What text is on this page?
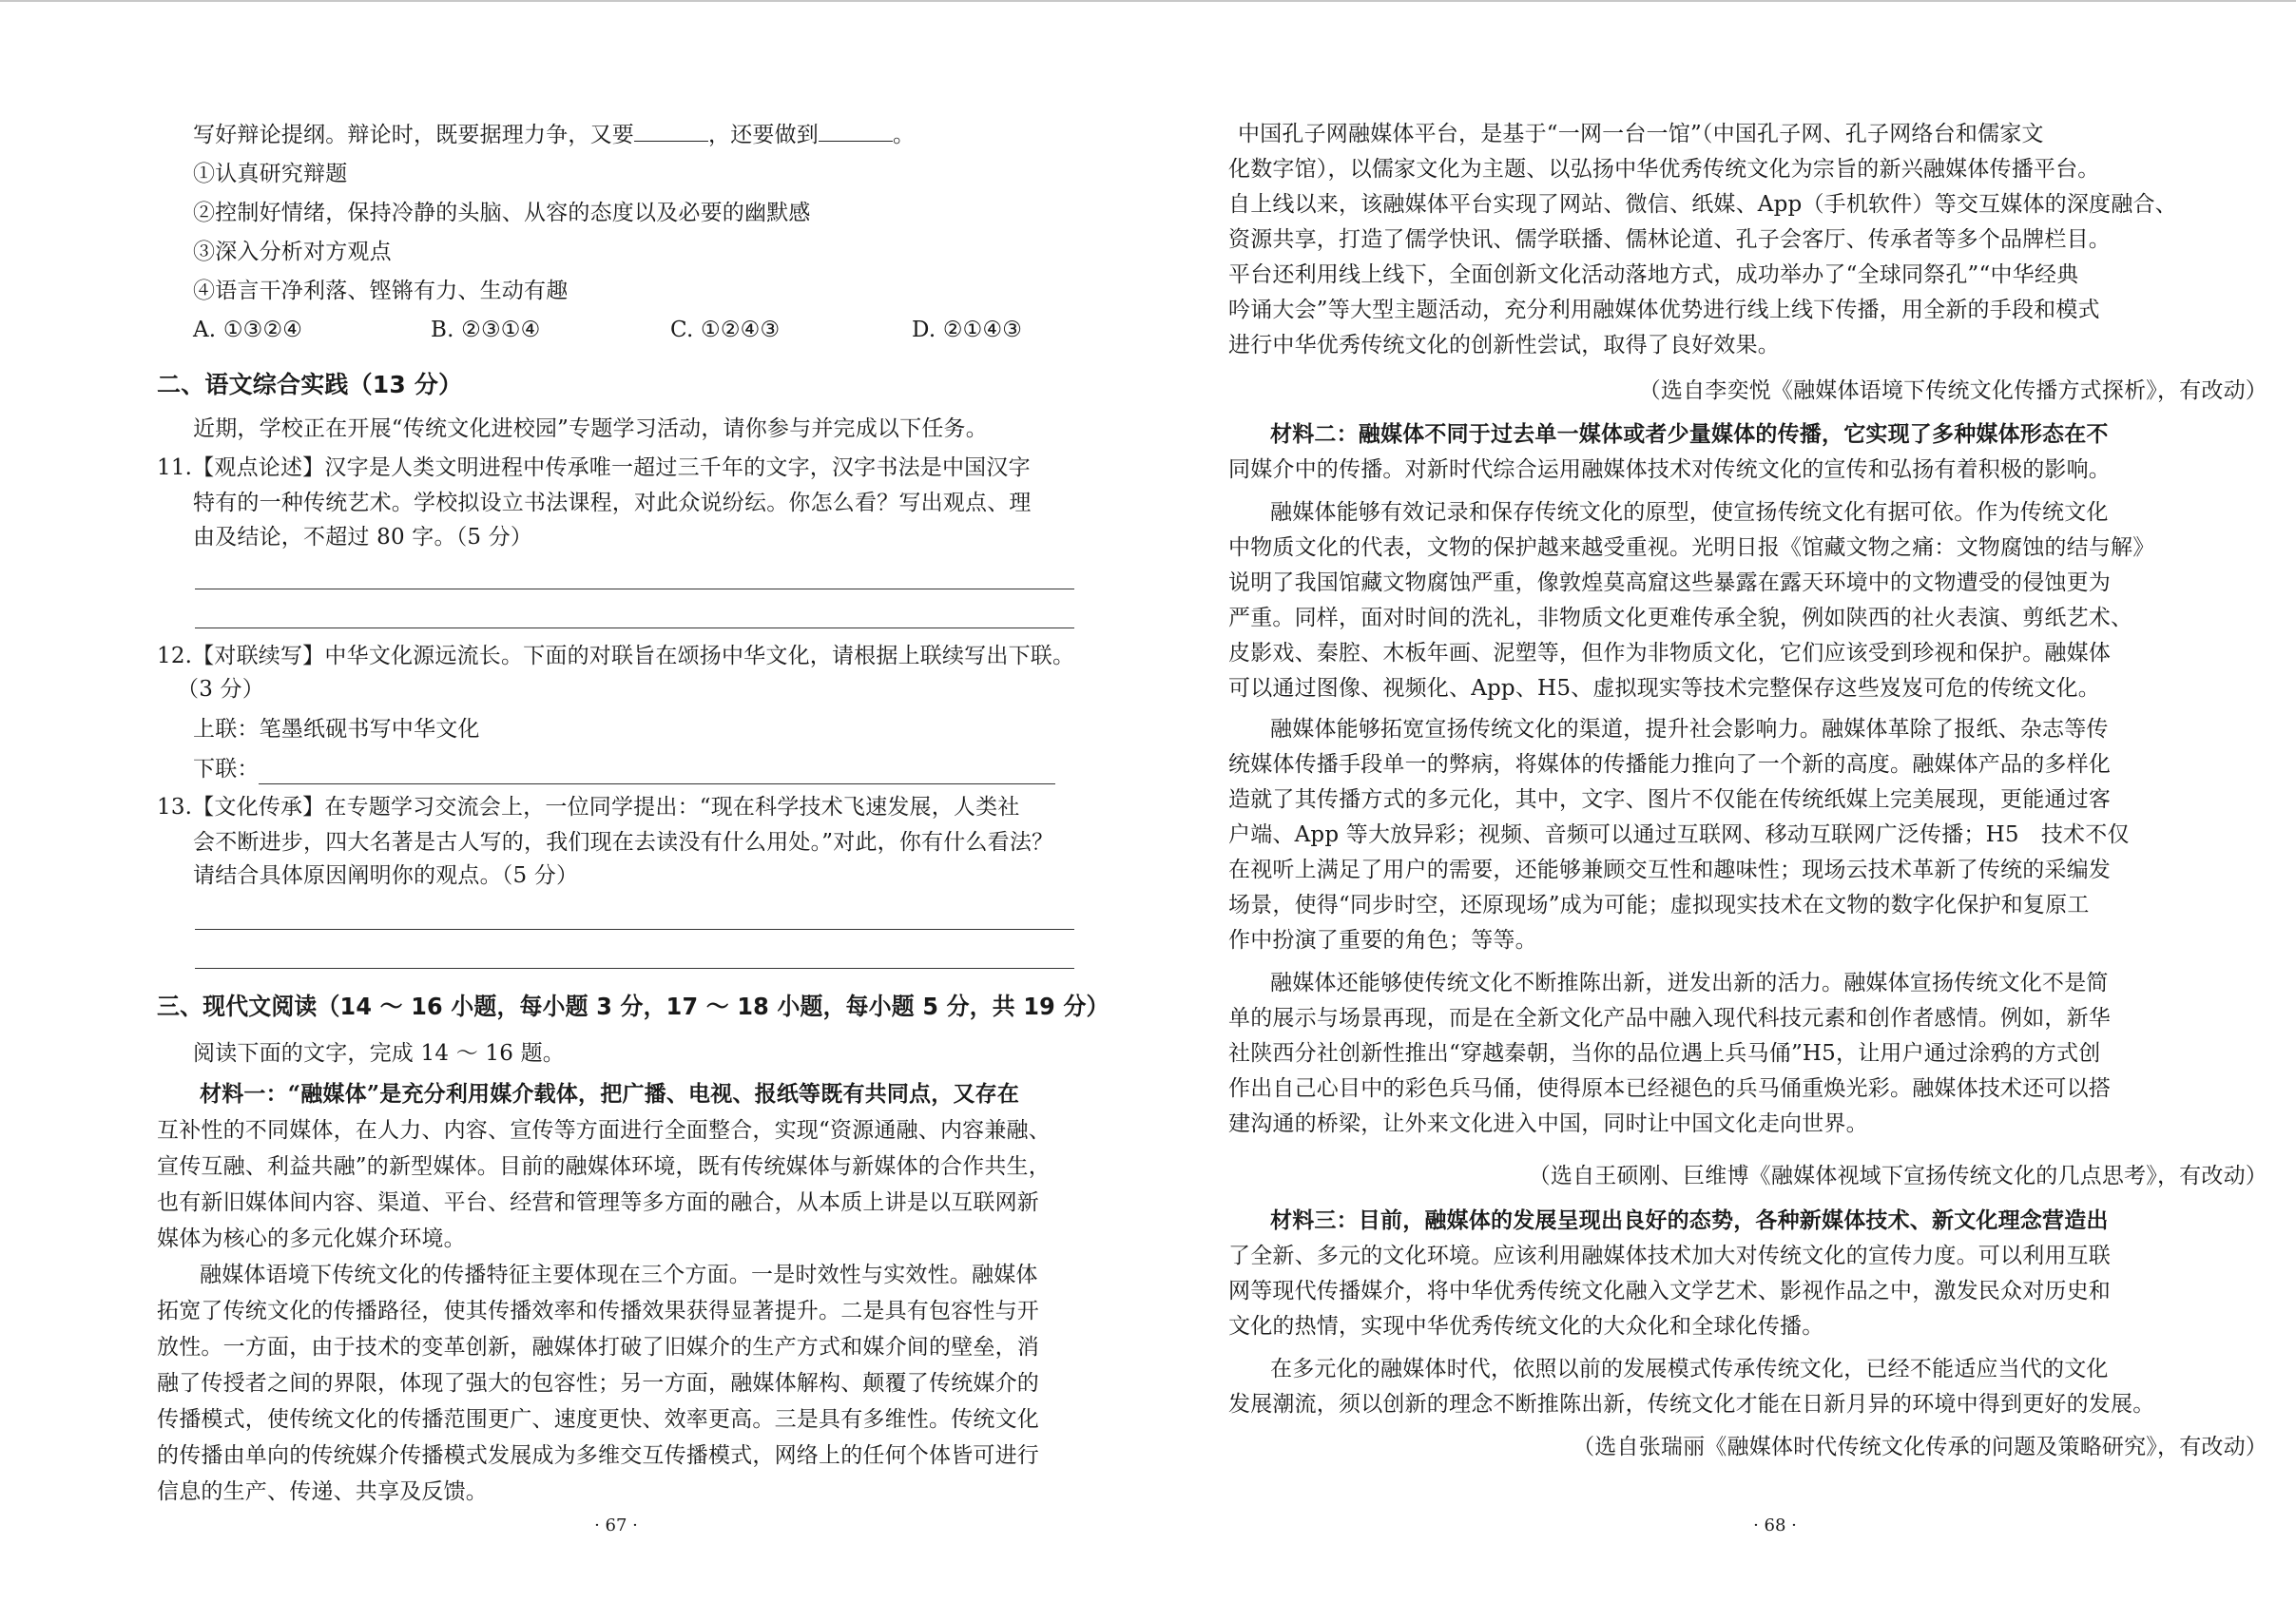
写好辩论提纲。辩论时，既要据理力争，又要	，还要做到	。
①认真研究辩题
②控制好情绪，保持冷静的头脑、从容的态度以及必要的幽默感
③深入分析对方观点
④语言干净利落、铿锵有力、生动有趣
A. ①③②④	B. ②③①④	C. ①②④③	D. ②①④③
二、语文综合实践（13 分）
近期，学校正在开展“传统文化进校园”专题学习活动，请你参与并完成以下任务。
11.【观点论述】汉字是人类文明进程中传承唯一超过三千年的文字，汉字书法是中国汉字
特有的一种传统艺术。学校拟设立书法课程，对此众说纷纭。你怎么看？写出观点、理
由及结论，不超过 80 字。（5 分）
12.【对联续写】中华文化源远流长。下面的对联旨在颂扬中华文化，请根据上联续写出下联。
（3 分）
上联：笔墨纸砚书写中华文化
下联：
13.【文化传承】在专题学习交流会上，一位同学提出：“现在科学技术飞速发展，人类社
会不断进步，四大名著是古人写的，我们现在去读没有什么用处。”对此，你有什么看法？
请结合具体原因阐明你的观点。（5 分）
三、现代文阅读（14 ～ 16 小题，每小题 3 分，17 ～ 18 小题，每小题 5 分，共 19 分）
阅读下面的文字，完成 14 ～ 16 题。
材料一：“融媒体”是充分利用媒介载体，把广播、电视、报纸等既有共同点，又存在
互补性的不同媒体，在人力、内容、宣传等方面进行全面整合，实现“资源通融、内容兼融、
宣传互融、利益共融”的新型媒体。目前的融媒体环境，既有传统媒体与新媒体的合作共生，
也有新旧媒体间内容、渠道、平台、经营和管理等多方面的融合，从本质上讲是以互联网新
媒体为核心的多元化媒介环境。
融媒体语境下传统文化的传播特征主要体现在三个方面。一是时效性与实效性。融媒体
拓宽了传统文化的传播路径，使其传播效率和传播效果获得显著提升。二是具有包容性与开
放性。一方面，由于技术的变革创新，融媒体打破了旧媒介的生产方式和媒介间的壁垒，消
融了传授者之间的界限，体现了强大的包容性；另一方面，融媒体解构、颠覆了传统媒介的
传播模式，使传统文化的传播范围更广、速度更快、效率更高。三是具有多维性。传统文化
的传播由单向的传统媒介传播模式发展成为多维交互传播模式，网络上的任何个体皆可进行
信息的生产、传递、共享及反馈。
· 67 ·
中国孔子网融媒体平台，是基于“一网一台一馆”（中国孔子网、孔子网络台和儒家文
化数字馆），以儒家文化为主题、以弘扬中华优秀传统文化为宗旨的新兴融媒体传播平台。
自上线以来，该融媒体平台实现了网站、微信、纸媒、App（手机软件）等交互媒体的深度融合、
资源共享，打造了儒学快讯、儒学联播、儒林论道、孔子会客厅、传承者等多个品牌栏目。
平台还利用线上线下，全面创新文化活动落地方式，成功举办了“全球同祭孔”“中华经典
吟诵大会”等大型主题活动，充分利用融媒体优势进行线上线下传播，用全新的手段和模式
进行中华优秀传统文化的创新性尝试，取得了良好效果。
（选自李奕悦《融媒体语境下传统文化传播方式探析》，有改动）
材料二：融媒体不同于过去单一媒体或者少量媒体的传播，它实现了多种媒体形态在不
同媒介中的传播。对新时代综合运用融媒体技术对传统文化的宣传和弘扬有着积极的影响。
融媒体能够有效记录和保存传统文化的原型，使宣扬传统文化有据可依。作为传统文化
中物质文化的代表，文物的保护越来越受重视。光明日报《馆藏文物之痛：文物腐蚀的结与解》
说明了我国馆藏文物腐蚀严重，像敦煌莫高窟这些暴露在露天环境中的文物遭受的侵蚀更为
严重。同样，面对时间的洗礼，非物质文化更难传承全貌，例如陕西的社火表演、剪纸艺术、
皮影戏、秦腔、木板年画、泥塑等，但作为非物质文化，它们应该受到珍视和保护。融媒体
可以通过图像、视频化、App、H5、虚拟现实等技术完整保存这些岌岌可危的传统文化。
融媒体能够拓宽宣扬传统文化的渠道，提升社会影响力。融媒体革除了报纸、杂志等传
统媒体传播手段单一的弊病，将媒体的传播能力推向了一个新的高度。融媒体产品的多样化
造就了其传播方式的多元化，其中，文字、图片不仅能在传统纸媒上完美展现，更能通过客
户端、App 等大放异彩；视频、音频可以通过互联网、移动互联网广泛传播；H5　技术不仅
在视听上满足了用户的需要，还能够兼顾交互性和趣味性；现场云技术革新了传统的采编发
场景，使得“同步时空，还原现场”成为可能；虚拟现实技术在文物的数字化保护和复原工
作中扮演了重要的角色；等等。
融媒体还能够使传统文化不断推陈出新，迸发出新的活力。融媒体宣扬传统文化不是简
单的展示与场景再现，而是在全新文化产品中融入现代科技元素和创作者感情。例如，新华
社陕西分社创新性推出“穿越秦朝，当你的品位遇上兵马俑”H5，让用户通过涂鸦的方式创
作出自己心目中的彩色兵马俑，使得原本已经褪色的兵马俑重焕光彩。融媒体技术还可以搭
建沟通的桥梁，让外来文化进入中国，同时让中国文化走向世界。
（选自王硕刚、巨维博《融媒体视域下宣扬传统文化的几点思考》，有改动）
材料三：目前，融媒体的发展呈现出良好的态势，各种新媒体技术、新文化理念营造出
了全新、多元的文化环境。应该利用融媒体技术加大对传统文化的宣传力度。可以利用互联
网等现代传播媒介，将中华优秀传统文化融入文学艺术、影视作品之中，激发民众对历史和
文化的热情，实现中华优秀传统文化的大众化和全球化传播。
在多元化的融媒体时代，依照以前的发展模式传承传统文化，已经不能适应当代的文化
发展潮流，须以创新的理念不断推陈出新，传统文化才能在日新月异的环境中得到更好的发展。
（选自张瑞丽《融媒体时代传统文化传承的问题及策略研究》，有改动）
· 68 ·
